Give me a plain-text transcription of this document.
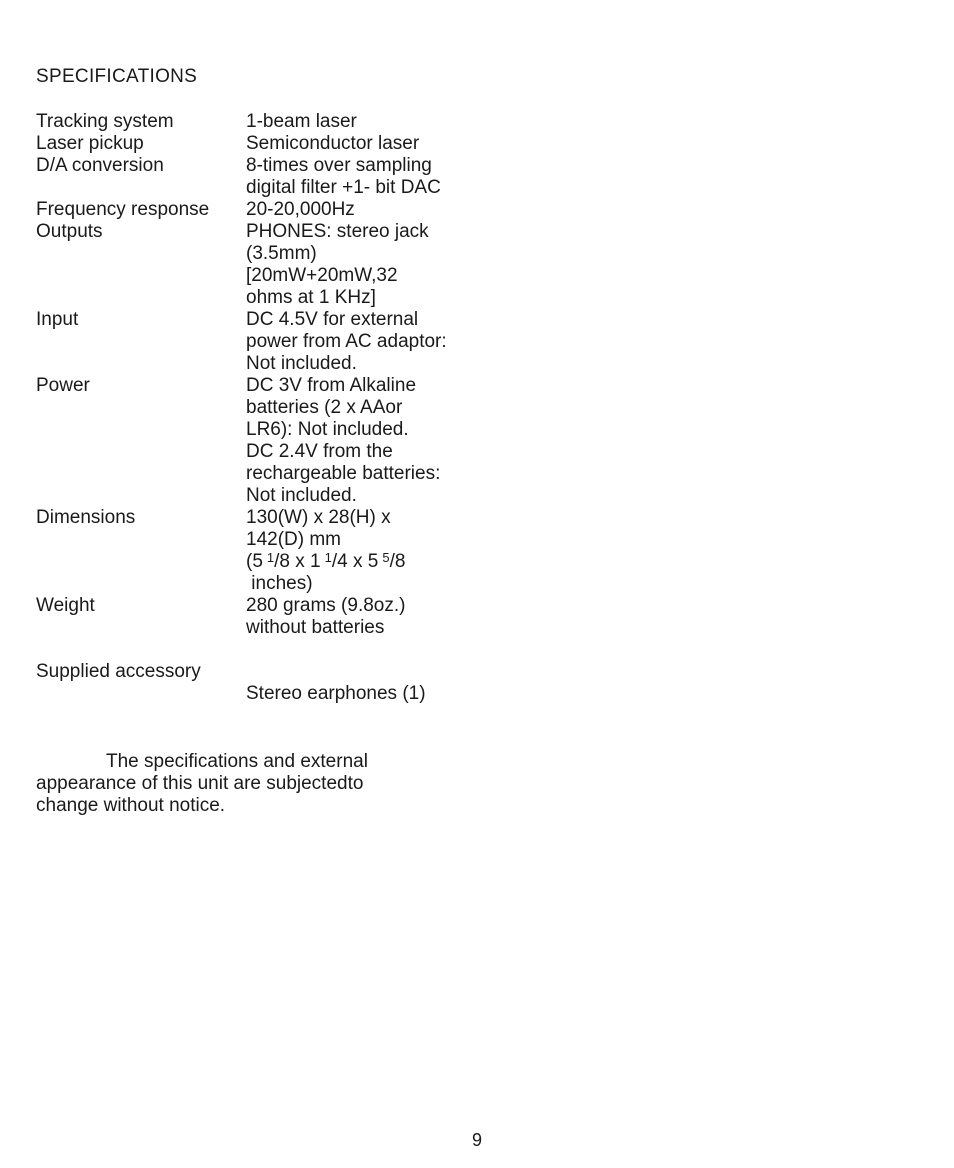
SPECIFICATIONS
Tracking system	1-beam laser
Laser pickup	Semiconductor laser
D/A conversion	8-times over sampling
digital filter +1- bit DAC
Frequency response 20-20,000Hz
Outputs	PHONES: stereo jack
(3.5mm)
[20mW+20mW,32
ohms at 1 KHz]
Input	DC 4.5V for external
power from AC adaptor:
Not included.
Power	DC 3V from Alkaline
batteries (2 x AAor
LR6): Not included.
DC 2.4V from the
rechargeable batteries:
Not included.
Dimensions	130(W) x 28(H) x
142(D) mm
(5 $^1$/8 x 1 $^1$/4 x 5 $^5$/8
inches)
Weight	280 grams (9.8oz.)
without batteries
Supplied accessory
Stereo earphones (1)
The specifications and external
appearance of this unit are subjectedto
change without notice.
9
